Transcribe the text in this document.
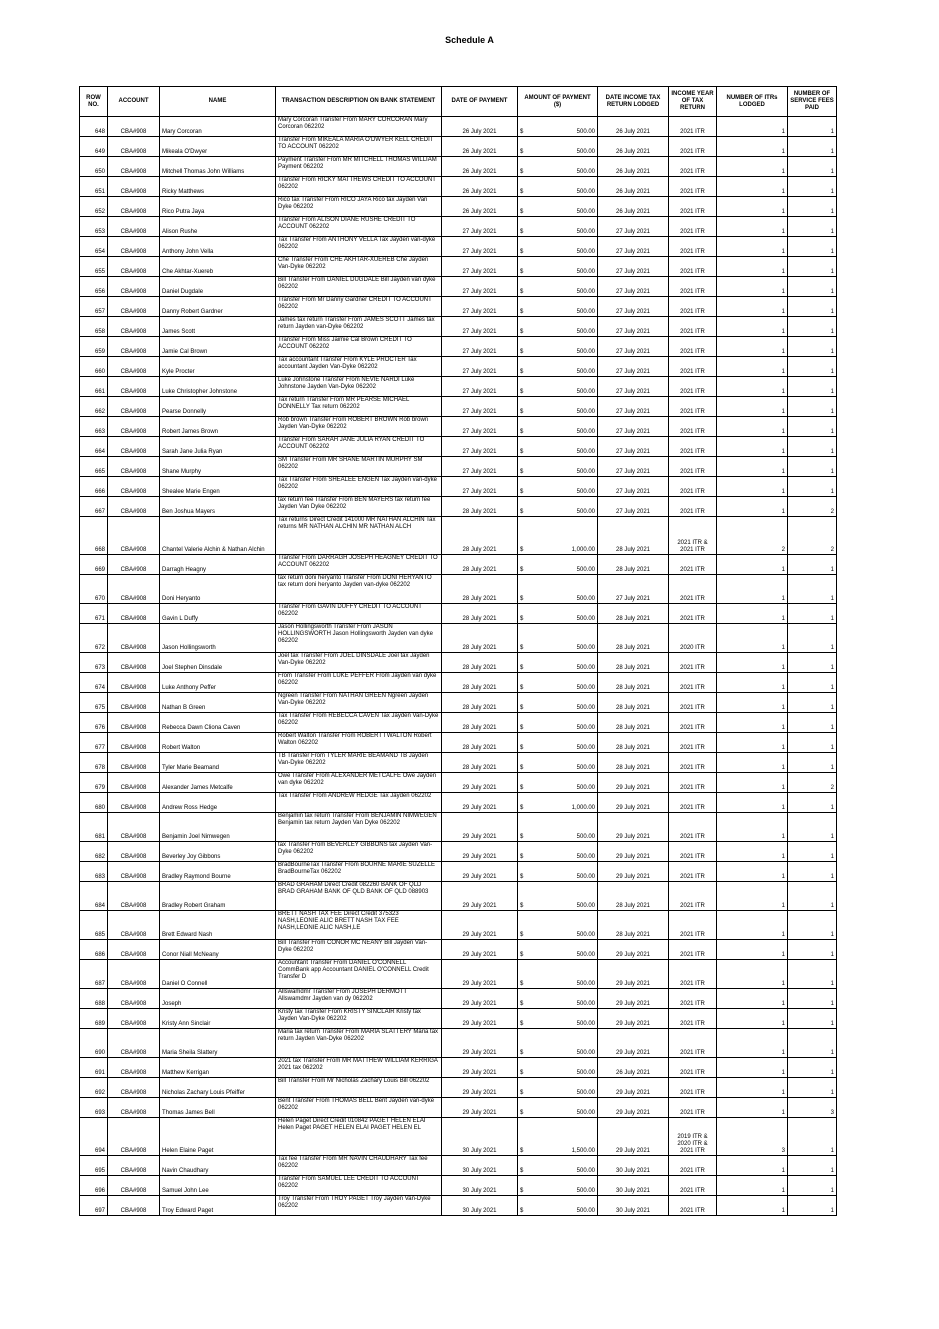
Schedule A
ROW NO.	ACCOUNT	NAME	TRANSACTION DESCRIPTION ON BANK STATEMENT	DATE OF PAYMENT	AMOUNT OF PAYMENT ($)	DATE INCOME TAX RETURN LODGED	INCOME YEAR OF TAX RETURN	NUMBER OF ITRs LODGED	NUMBER OF SERVICE FEES PAID
648	CBA#908	Mary Corcoran	Mary Corcoran Transfer From MARY CORCORAN Mary Corcoran 062202	26 July 2021	$ 500.00	26 July 2021	2021 ITR	1	1
649	CBA#908	Mikeala O'Dwyer	Transfer From MIKEALA MARIA O'DWYER KELL CREDIT TO ACCOUNT 062202	26 July 2021	$ 500.00	26 July 2021	2021 ITR	1	1
650	CBA#908	Mitchell Thomas John Williams	Payment Transfer From MR MITCHELL THOMAS WILLIAM Payment 062202	26 July 2021	$ 500.00	26 July 2021	2021 ITR	1	1
651	CBA#908	Ricky Matthews	Transfer From RICKY MATTHEWS CREDIT TO ACCOUNT 062202	26 July 2021	$ 500.00	26 July 2021	2021 ITR	1	1
652	CBA#908	Rico Putra Jaya	Rico tax Transfer From RICO JAYA Rico tax Jayden Van Dyke 062202	26 July 2021	$ 500.00	26 July 2021	2021 ITR	1	1
653	CBA#908	Alison Rushe	Transfer From ALISON DIANE RUSHE CREDIT TO ACCOUNT 062202	27 July 2021	$ 500.00	27 July 2021	2021 ITR	1	1
654	CBA#908	Anthony John Vella	Tax Transfer From ANTHONY VELLA Tax Jayden van-dyke 062202	27 July 2021	$ 500.00	27 July 2021	2021 ITR	1	1
655	CBA#908	Che Akhtar-Xuereb	Che Transfer From CHE AKHTAR-XUEREB Che Jayden Van-Dyke 062202	27 July 2021	$ 500.00	27 July 2021	2021 ITR	1	1
656	CBA#908	Daniel Dugdale	Bill Transfer From DANIEL DUGDALE Bill Jayden van dyke 062202	27 July 2021	$ 500.00	27 July 2021	2021 ITR	1	1
657	CBA#908	Danny Robert Gardner	Transfer From Mr Danny Gardner CREDIT TO ACCOUNT 062202	27 July 2021	$ 500.00	27 July 2021	2021 ITR	1	1
658	CBA#908	James Scott	James tax return Transfer From JAMES SCOTT James tax return Jayden van-Dyke 062202	27 July 2021	$ 500.00	27 July 2021	2021 ITR	1	1
659	CBA#908	Jamie Cal Brown	Transfer From Miss Jaimie Cal Brown CREDIT TO ACCOUNT 062202	27 July 2021	$ 500.00	27 July 2021	2021 ITR	1	1
660	CBA#908	Kyle Procter	Tax accountant Transfer From KYLE PROCTER Tax accountant Jayden Van-Dyke 062202	27 July 2021	$ 500.00	27 July 2021	2021 ITR	1	1
661	CBA#908	Luke Christopher Johnstone	Luke Johnstone Transfer From NEVIE NARDI Luke Johnstone Jayden Van-Dyke 062202	27 July 2021	$ 500.00	27 July 2021	2021 ITR	1	1
662	CBA#908	Pearse Donnelly	Tax return Transfer From MR PEARSE MICHAEL DONNELLY Tax return 062202	27 July 2021	$ 500.00	27 July 2021	2021 ITR	1	1
663	CBA#908	Robert James Brown	Rob brown Transfer From ROBERT BROWN Rob brown Jayden Van-Dyke 062202	27 July 2021	$ 500.00	27 July 2021	2021 ITR	1	1
664	CBA#908	Sarah Jane Julia Ryan	Transfer From SARAH JANE JULIA RYAN CREDIT TO ACCOUNT 062202	27 July 2021	$ 500.00	27 July 2021	2021 ITR	1	1
665	CBA#908	Shane Murphy	SM Transfer From MR SHANE MARTIN MURPHY SM 062202	27 July 2021	$ 500.00	27 July 2021	2021 ITR	1	1
666	CBA#908	Shealee Marie Engen	Tax Transfer From SHEALEE ENGEN Tax Jayden van-dyke 062202	27 July 2021	$ 500.00	27 July 2021	2021 ITR	1	1
667	CBA#908	Ben Joshua Mayers	tax return fee Transfer From BEN MAYERS tax return fee Jayden Van Dyke 062202	28 July 2021	$ 500.00	27 July 2021	2021 ITR	1	2
668	CBA#908	Chantel Valerie Alchin & Nathan Alchin	Tax returns Direct Credit 141000 MR NATHAN ALCHIN Tax returns MR NATHAN ALCHIN MR NATHAN ALCH	28 July 2021	$ 1,000.00	28 July 2021	2021 ITR & 2021 ITR	2	2
669	CBA#908	Darragh Heagny	Transfer From DARRAGH JOSEPH HEAGNEY CREDIT TO ACCOUNT 062202	28 July 2021	$ 500.00	28 July 2021	2021 ITR	1	1
670	CBA#908	Doni Heryanto	tax return doni heryanto Transfer From DONI HERYANTO tax return doni heryanto Jayden van-dyke 062202	28 July 2021	$ 500.00	27 July 2021	2021 ITR	1	1
671	CBA#908	Gavin L Duffy	Transfer From GAVIN DUFFY CREDIT TO ACCOUNT 062202	28 July 2021	$ 500.00	28 July 2021	2021 ITR	1	1
672	CBA#908	Jason Hollingsworth	Jason Hollingsworth Transfer From JASON HOLLINGSWORTH Jason Hollingsworth Jayden van dyke 062202	28 July 2021	$ 500.00	28 July 2021	2020 ITR	1	1
673	CBA#908	Joel Stephen Dinsdale	Joel tax Transfer From JOEL DINSDALE Joel tax Jayden Van-Dyke 062202	28 July 2021	$ 500.00	28 July 2021	2021 ITR	1	1
674	CBA#908	Luke Anthony Peffer	From Transfer From LUKE PEFFER From Jayden van dyke 062202	28 July 2021	$ 500.00	28 July 2021	2021 ITR	1	1
675	CBA#908	Nathan B Green	Ngreen Transfer From NATHAN GREEN Ngreen Jayden Van-Dyke 062202	28 July 2021	$ 500.00	28 July 2021	2021 ITR	1	1
676	CBA#908	Rebecca Dawn Cliona Caven	Tax Transfer From REBECCA CAVEN Tax Jayden Van-Dyke 062202	28 July 2021	$ 500.00	28 July 2021	2021 ITR	1	1
677	CBA#908	Robert Walton	Robert Walton Transfer From ROBERT I WALTON Robert Walton 062202	28 July 2021	$ 500.00	28 July 2021	2021 ITR	1	1
678	CBA#908	Tyler Marie Beamand	TB Transfer From TYLER MARIE BEAMAND TB Jayden Van-Dyke 062202	28 July 2021	$ 500.00	28 July 2021	2021 ITR	1	1
679	CBA#908	Alexander James Metcalfe	Owe Transfer From ALEXANDER METCALFE Owe Jayden van dyke 062202	29 July 2021	$ 500.00	29 July 2021	2021 ITR	1	2
680	CBA#908	Andrew Ross Hedge	Tax Transfer From ANDREW HEDGE Tax Jayden 062202	29 July 2021	$ 1,000.00	29 July 2021	2021 ITR	1	1
681	CBA#908	Benjamin Joel Nimwegen	Benjamin tax return Transfer From BENJAMIN NIMWEGEN Benjamin tax return Jayden Van Dyke 062202	29 July 2021	$ 500.00	29 July 2021	2021 ITR	1	1
682	CBA#908	Beverley Joy Gibbons	tax Transfer From BEVERLEY GIBBONS tax Jayden Van-Dyke 062202	29 July 2021	$ 500.00	29 July 2021	2021 ITR	1	1
683	CBA#908	Bradley Raymond Bourne	BradBourneTax Transfer From BOURNE MARIE SUZELLE BradBourneTax 062202	29 July 2021	$ 500.00	29 July 2021	2021 ITR	1	1
684	CBA#908	Bradley Robert Graham	BRAD GRAHAM Direct Credit 082260 BANK OF QLD BRAD GRAHAM BANK OF QLD BANK OF QLD 088903	29 July 2021	$ 500.00	28 July 2021	2021 ITR	1	1
685	CBA#908	Brett Edward Nash	BRETT NASH TAX FEE Direct Credit 375323 NASH,LEONIE ALIC BRETT NASH TAX FEE NASH,LEONIE ALIC NASH,LE	29 July 2021	$ 500.00	28 July 2021	2021 ITR	1	1
686	CBA#908	Conor Niall McNeany	Bill Transfer From CONOR MC NEANY Bill Jayden Van-Dyke 062202	29 July 2021	$ 500.00	29 July 2021	2021 ITR	1	1
687	CBA#908	Daniel O Connell	Accountant Transfer From DANIEL O'CONNELL CommBank app Accountant DANIEL O'CONNELL Credit Transfer D	29 July 2021	$ 500.00	29 July 2021	2021 ITR	1	1
688	CBA#908	Joseph	Allswamdmr Transfer From JOSEPH DERMOTT Allswamdmr Jayden van dy 062202	29 July 2021	$ 500.00	29 July 2021	2021 ITR	1	1
689	CBA#908	Kristy Ann Sinclair	Kristy tax Transfer From KRISTY SINCLAIR Kristy tax Jayden Van-Dyke 062202	29 July 2021	$ 500.00	29 July 2021	2021 ITR	1	1
690	CBA#908	Maria Sheila Slattery	Maria tax return Transfer From MARIA SLATTERY Maria tax return Jayden Van-Dyke 062202	29 July 2021	$ 500.00	29 July 2021	2021 ITR	1	1
691	CBA#908	Matthew Kerrigan	2021 tax Transfer From MR MATTHEW WILLIAM KERRIGA 2021 tax 062202	29 July 2021	$ 500.00	26 July 2021	2021 ITR	1	1
692	CBA#908	Nicholas Zachary Louis Pfeiffer	Bill Transfer From Mr Nicholas Zachary Louis Bill 062202	29 July 2021	$ 500.00	29 July 2021	2021 ITR	1	1
693	CBA#908	Thomas James Bell	Bent Transfer From THOMAS BELL Bent Jayden van-dyke 062202	29 July 2021	$ 500.00	29 July 2021	2021 ITR	1	3
694	CBA#908	Helen Elaine Paget	Helen Paget Direct Credit 010842 PAGET HELEN ELAI Helen Paget PAGET HELEN ELAI PAGET HELEN EL	30 July 2021	$ 1,500.00	29 July 2021	2019 ITR & 2020 ITR & 2021 ITR	3	1
695	CBA#908	Navin Chaudhary	Tax fee Transfer From MR NAVIN CHAUDHARY Tax fee 062202	30 July 2021	$ 500.00	30 July 2021	2021 ITR	1	1
696	CBA#908	Samuel John Lee	Transfer From SAMUEL LEE CREDIT TO ACCOUNT 062202	30 July 2021	$ 500.00	30 July 2021	2021 ITR	1	1
697	CBA#908	Troy Edward Paget	Troy Transfer From TROY PAGET Troy Jayden Van-Dyke 062202	30 July 2021	$ 500.00	30 July 2021	2021 ITR	1	1
